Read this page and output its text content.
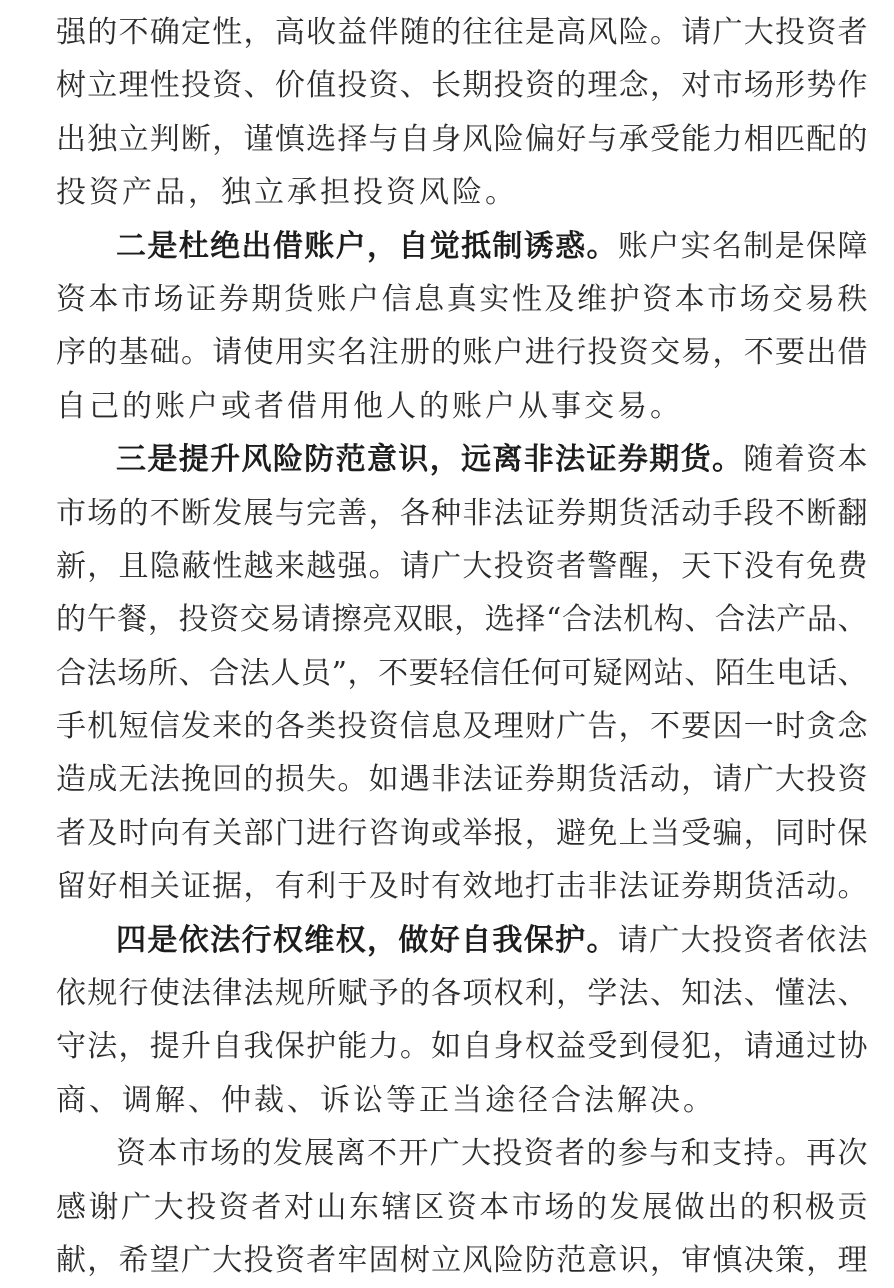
强的不确定性，高收益伴随的往往是高风险。请广大投资者
树立理性投资、价值投资、长期投资的理念，对市场形势作
出独立判断，谨慎选择与自身风险偏好与承受能力相匹配的
投资产品，独立承担投资风险。
二是杜绝出借账户，自觉抵制诱惑。账户实名制是保障
资本市场证券期货账户信息真实性及维护资本市场交易秩
序的基础。请使用实名注册的账户进行投资交易，不要出借
自己的账户或者借用他人的账户从事交易。
三是提升风险防范意识，远离非法证券期货。随着资本
市场的不断发展与完善，各种非法证券期货活动手段不断翻
新，且隐蔽性越来越强。请广大投资者警醒，天下没有免费
的午餐，投资交易请擦亮双眼，选择“合法机构、合法产品、
合法场所、合法人员”，不要轻信任何可疑网站、陌生电话、
手机短信发来的各类投资信息及理财广告，不要因一时贪念
造成无法挽回的损失。如遇非法证券期货活动，请广大投资
者及时向有关部门进行咨询或举报，避免上当受骗，同时保
留好相关证据，有利于及时有效地打击非法证券期货活动。
四是依法行权维权，做好自我保护。请广大投资者依法
依规行使法律法规所赋予的各项权利，学法、知法、懂法、
守法，提升自我保护能力。如自身权益受到侵犯，请通过协
商、调解、仲裁、诉讼等正当途径合法解决。
资本市场的发展离不开广大投资者的参与和支持。再次
感谢广大投资者对山东辖区资本市场的发展做出的积极贡
献，希望广大投资者牢固树立风险防范意识，审慎决策，理
